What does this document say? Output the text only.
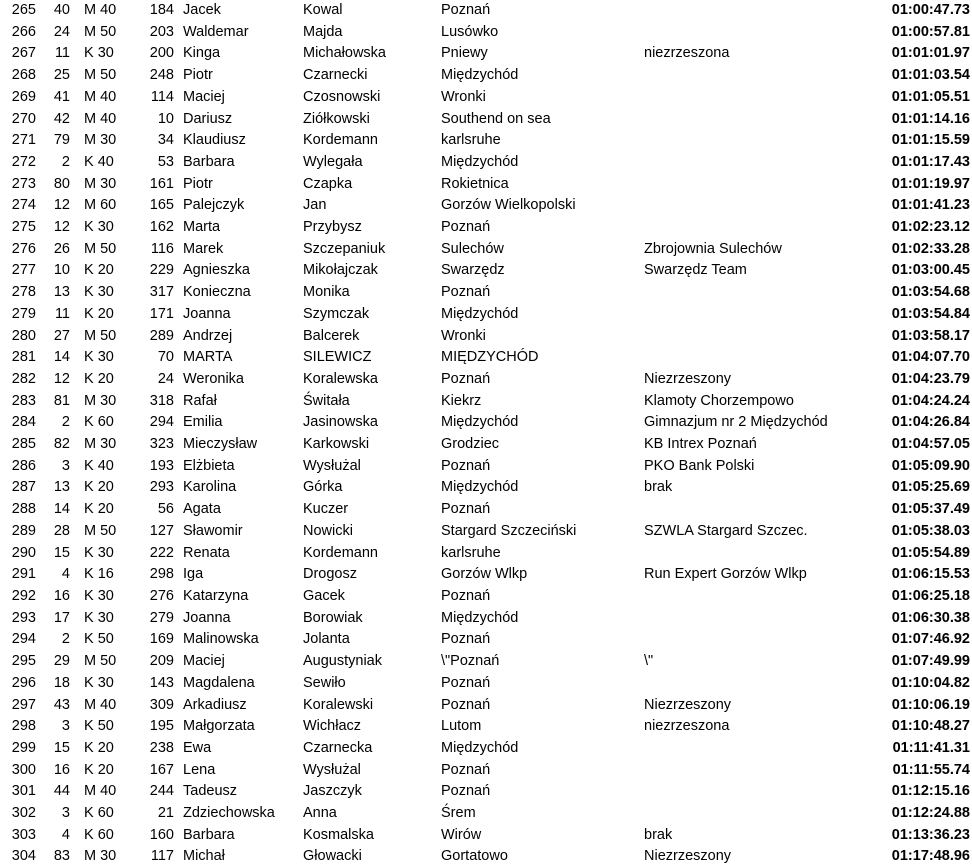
265	40	M 40	184	Jacek	Kowal	Poznań		01:00:47.73
266	24	M 50	203	Waldemar	Majda	Lusówko		01:00:57.81
267	11	K 30	200	Kinga	Michałowska	Pniewy	niezrzeszona	01:01:01.97
268	25	M 50	248	Piotr	Czarnecki	Międzychód		01:01:03.54
269	41	M 40	114	Maciej	Czosnowski	Wronki		01:01:05.51
270	42	M 40	10	Dariusz	Ziółkowski	Southend on sea		01:01:14.16
271	79	M 30	34	Klaudiusz	Kordemann	karlsruhe		01:01:15.59
272	2	K 40	53	Barbara	Wylegała	Międzychód		01:01:17.43
273	80	M 30	161	Piotr	Czapka	Rokietnica		01:01:19.97
274	12	M 60	165	Palejczyk	Jan	Gorzów Wielkopolski		01:01:41.23
275	12	K 30	162	Marta	Przybysz	Poznań		01:02:23.12
276	26	M 50	116	Marek	Szczepaniuk	Sulechów	Zbrojownia Sulechów	01:02:33.28
277	10	K 20	229	Agnieszka	Mikołajczak	Swarzędz	Swarzędz Team	01:03:00.45
278	13	K 30	317	Konieczna	Monika	Poznań		01:03:54.68
279	11	K 20	171	Joanna	Szymczak	Międzychód		01:03:54.84
280	27	M 50	289	Andrzej	Balcerek	Wronki		01:03:58.17
281	14	K 30	70	MARTA	SILEWICZ	MIĘDZYCHÓD		01:04:07.70
282	12	K 20	24	Weronika	Koralewska	Poznań	Niezrzeszony	01:04:23.79
283	81	M 30	318	Rafał	Świtała	Kiekrz	Klamoty Chorzempowo	01:04:24.24
284	2	K 60	294	Emilia	Jasinowska	Międzychód	Gimnazjum nr 2 Międzychód	01:04:26.84
285	82	M 30	323	Mieczysław	Karkowski	Grodziec	KB Intrex Poznań	01:04:57.05
286	3	K 40	193	Elżbieta	Wysłużal	Poznań	PKO Bank Polski	01:05:09.90
287	13	K 20	293	Karolina	Górka	Międzychód	brak	01:05:25.69
288	14	K 20	56	Agata	Kuczer	Poznań		01:05:37.49
289	28	M 50	127	Sławomir	Nowicki	Stargard Szczeciński	SZWLA Stargard Szczec.	01:05:38.03
290	15	K 30	222	Renata	Kordemann	karlsruhe		01:05:54.89
291	4	K 16	298	Iga	Drogosz	Gorzów Wlkp	Run Expert Gorzów Wlkp	01:06:15.53
292	16	K 30	276	Katarzyna	Gacek	Poznań		01:06:25.18
293	17	K 30	279	Joanna	Borowiak	Międzychód		01:06:30.38
294	2	K 50	169	Malinowska	Jolanta	Poznań		01:07:46.92
295	29	M 50	209	Maciej	Augustyniak	\"Poznań	\"	01:07:49.99
296	18	K 30	143	Magdalena	Sewiło	Poznań		01:10:04.82
297	43	M 40	309	Arkadiusz	Koralewski	Poznań	Niezrzeszony	01:10:06.19
298	3	K 50	195	Małgorzata	Wichłacz	Lutom	niezrzeszona	01:10:48.27
299	15	K 20	238	Ewa	Czarnecka	Międzychód		01:11:41.31
300	16	K 20	167	Lena	Wysłużal	Poznań		01:11:55.74
301	44	M 40	244	Tadeusz	Jaszczyk	Poznań		01:12:15.16
302	3	K 60	21	Zdziechowska	Anna	Śrem		01:12:24.88
303	4	K 60	160	Barbara	Kosmalska	Wirów	brak	01:13:36.23
304	83	M 30	117	Michał	Głowacki	Gortatowo	Niezrzeszony	01:17:48.96
